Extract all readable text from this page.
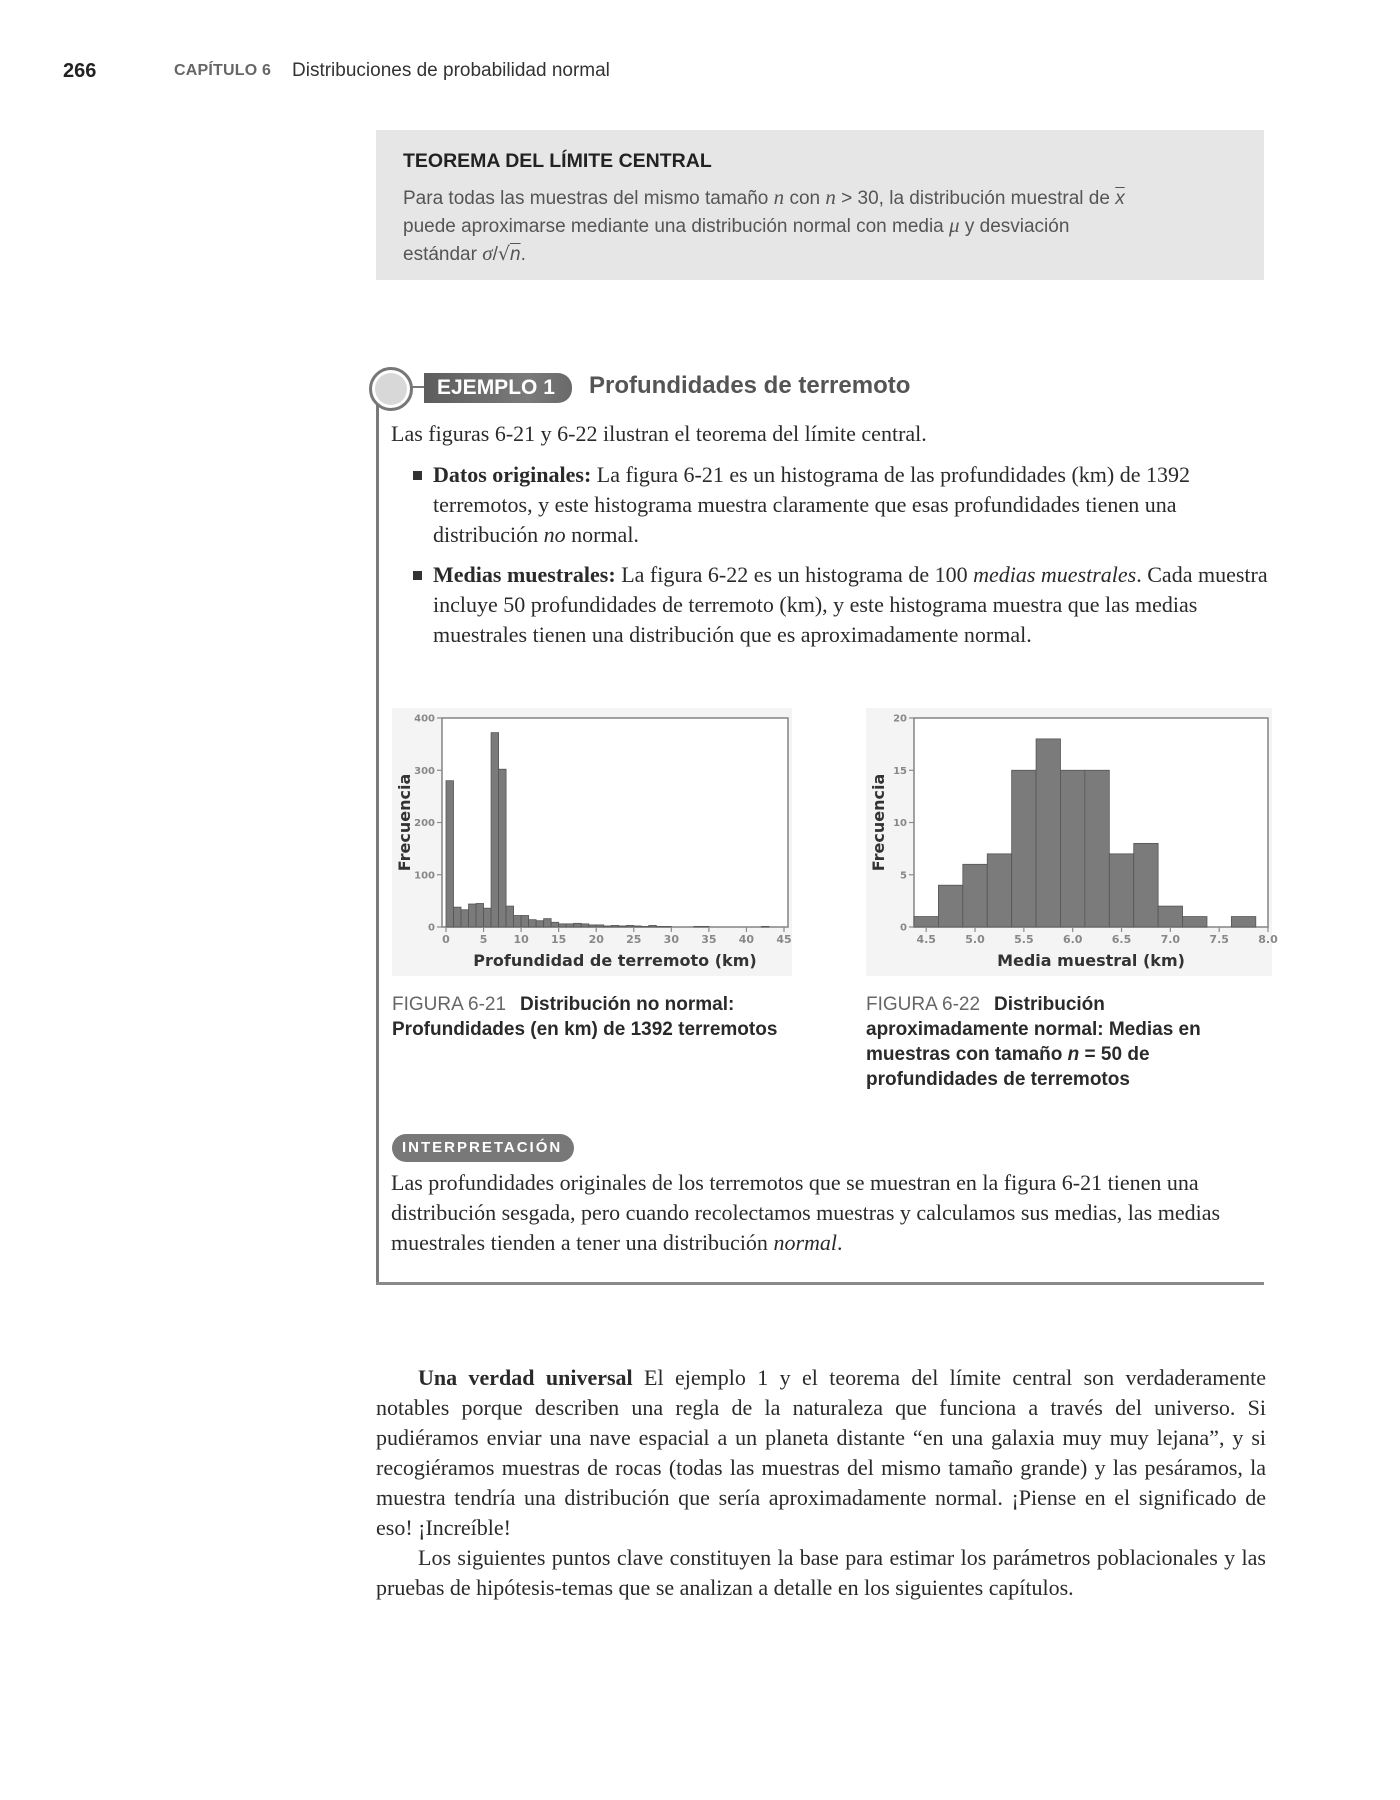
266	CAPÍTULO 6 Distribuciones de probabilidad normal
TEOREMA DEL LÍMITE CENTRAL
Para todas las muestras del mismo tamaño n con n > 30, la distribución muestral de $\overline{x}$
puede aproximarse mediante una distribución normal con media μ y desviación
estándar σ/√n.
EJEMPLO 1	Profundidades de terremoto
Las figuras 6-21 y 6-22 ilustran el teorema del límite central.
Datos originales: La figura 6-21 es un histograma de las profundidades (km) de 1392 terremotos, y este histograma muestra claramente que esas profundidades tienen una distribución no normal.
Medias muestrales: La figura 6-22 es un histograma de 100 medias muestrales. Cada muestra incluye 50 profundidades de terremoto (km), y este histograma muestra que las medias muestrales tienen una distribución que es aproximadamente normal.
0
100
200
300
400
0	5 10 15 20 25 30 35 40 45
Profundidad de terremoto (km)
Frecuencia
FIGURA 6-21 Distribución no normal: Profundidades (en km) de 1392 terremotos
0
5
10
15
20
4.5	5.0	5.5	6.0	6.5	7.0	7.5	8.0
Media muestral (km)
Frecuencia
FIGURA 6-22 Distribución aproximadamente normal: Medias en muestras con tamaño n = 50 de profundidades de terremotos
INTERPRETACIÓN
Las profundidades originales de los terremotos que se muestran en la figura 6-21 tienen una distribución sesgada, pero cuando recolectamos muestras y calculamos sus medias, las medias muestrales tienden a tener una distribución normal.

Una verdad universal El ejemplo 1 y el teorema del límite central son verdaderamente notables porque describen una regla de la naturaleza que funciona a través del universo. Si pudiéramos enviar una nave espacial a un planeta distante “en una galaxia muy muy lejana”, y si recogiéramos muestras de rocas (todas las muestras del mismo tamaño grande) y las pesáramos, la muestra tendría una distribución que sería aproximadamente normal. ¡Piense en el significado de eso! ¡Increíble!

Los siguientes puntos clave constituyen la base para estimar los parámetros poblacionales y las pruebas de hipótesis-temas que se analizan a detalle en los siguientes capítulos.
